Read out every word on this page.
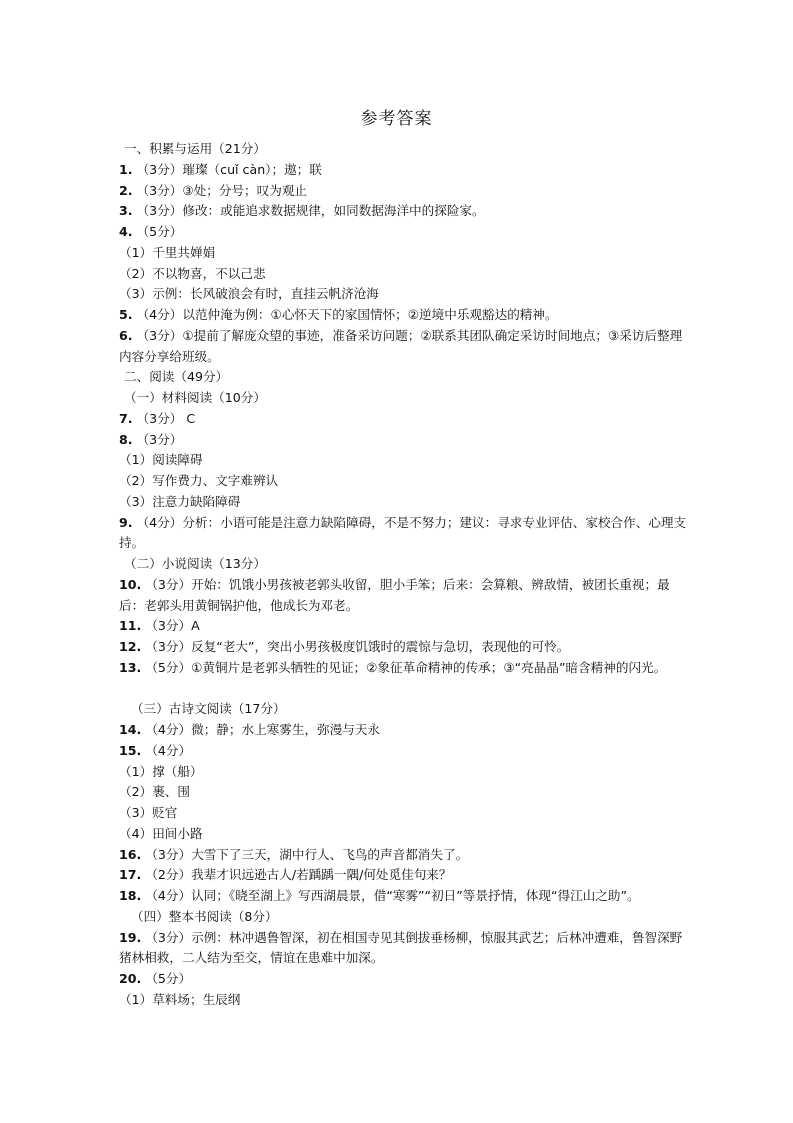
参考答案
一、积累与运用（21分）
1. （3分）璀璨（cuǐ càn）；遨；联
2. （3分）③处；分号；叹为观止
3. （3分）修改：或能追求数据规律，如同数据海洋中的探险家。
4. （5分）
（1）千里共婵娟
（2）不以物喜，不以己悲
（3）示例：长风破浪会有时，直挂云帆济沧海
5. （4分）以范仲淹为例：①心怀天下的家国情怀；②逆境中乐观豁达的精神。
6. （3分）①提前了解庞众望的事迹，准备采访问题；②联系其团队确定采访时间地点；③采访后整理内容分享给班级。
二、阅读（49分）
（一）材料阅读（10分）
7. （3分） C
8. （3分）
（1）阅读障碍
（2）写作费力、文字难辨认
（3）注意力缺陷障碍
9. （4分）分析：小语可能是注意力缺陷障碍，不是不努力；建议：寻求专业评估、家校合作、心理支持。
（二）小说阅读（13分）
10. （3分）开始：饥饿小男孩被老郭头收留，胆小手笨；后来：会算粮、辨敌情，被团长重视；最后：老郭头用黄铜锅护他，他成长为邓老。
11. （3分）A
12. （3分）反复“老大”，突出小男孩极度饥饿时的震惊与急切，表现他的可怜。
13. （5分）①黄铜片是老郭头牺牲的见证；②象征革命精神的传承；③“亮晶晶”暗含精神的闪光。
（三）古诗文阅读（17分）
14. （4分）微；静；水上寒雾生，弥漫与天永
15. （4分）
（1）撑（船）
（2）裹、围
（3）贬官
（4）田间小路
16. （3分）大雪下了三天，湖中行人、飞鸟的声音都消失了。
17. （2分）我辈才识远逊古人/若踽踽一隅/何处觅佳句来？
18. （4分）认同；《晓至湖上》写西湖晨景，借“寒雾”“初日”等景抒情，体现“得江山之助”。
（四）整本书阅读（8分）
19. （3分）示例：林冲遇鲁智深，初在相国寺见其倒拔垂杨柳，惊服其武艺；后林冲遭难，鲁智深野猪林相救，二人结为至交，情谊在患难中加深。
20. （5分）
（1）草料场；生辰纲
